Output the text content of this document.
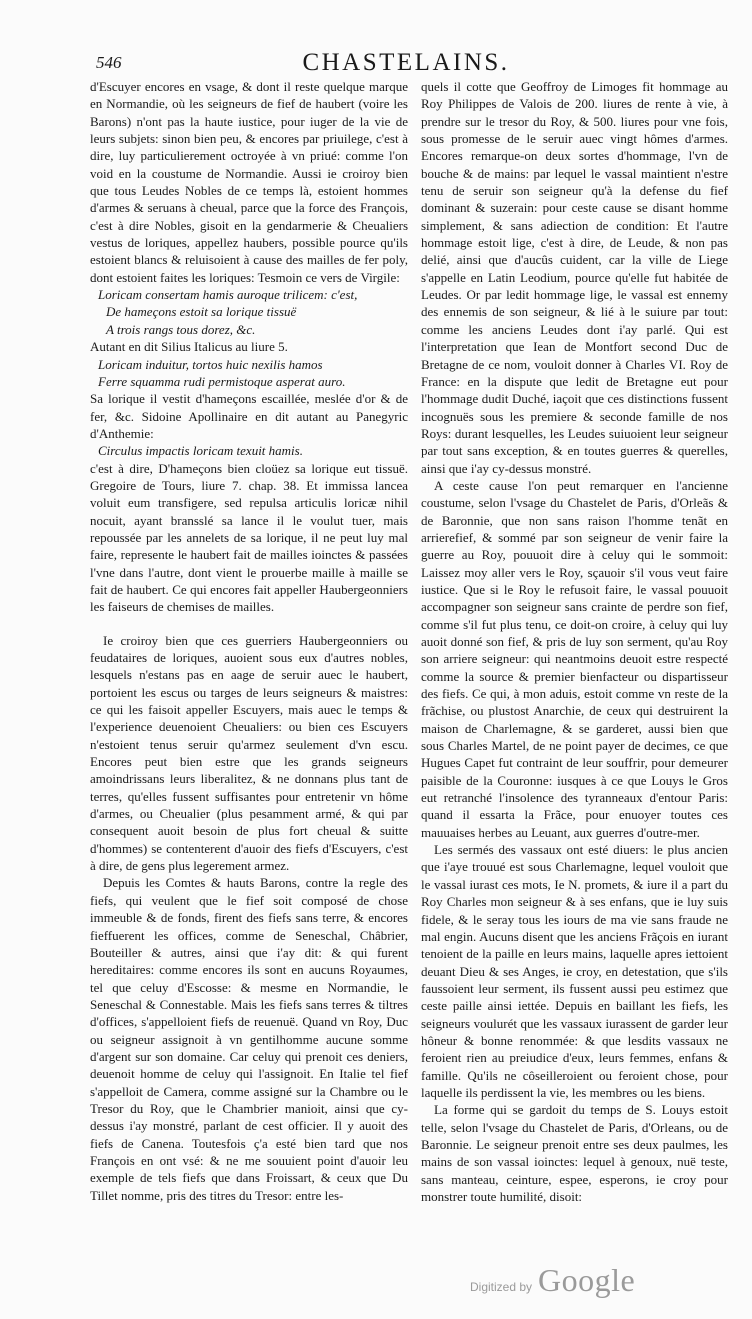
546	CHASTELAINS.

d'Escuyer encores en vsage, & dont il reste quelque marque en Normandie, où les seigneurs de fief de haubert (voire les Barons) n'ont pas la haute iustice, pour iuger de la vie de leurs subjets: sinon bien peu, & encores par priuilege, c'est à dire, luy particulierement octroyée à vn priué: comme l'on void en la coustume de Normandie. Aussi ie croiroy bien que tous Leudes Nobles de ce temps là, estoient hommes d'armes & seruans à cheual, parce que la force des François, c'est à dire Nobles, gisoit en la gendarmerie & Cheualiers vestus de loriques, appellez haubers, possible pource qu'ils estoient blancs & reluisoient à cause des mailles de fer poly, dont estoient faites les loriques: Tesmoin ce vers de Virgile:

Loricam consertam hamis auroque trilicem: c'est,

De hameçons estoit sa lorique tissuë

A trois rangs tous dorez, &c.

Autant en dit Silius Italicus au liure 5.

Loricam induitur, tortos huic nexilis hamos

Ferre squamma rudi permistoque asperat auro.

Sa lorique il vestit d'hameçons escaillée, meslée d'or & de fer, &c. Sidoine Apollinaire en dit autant au Panegyric d'Anthemie:

Circulus impactis loricam texuit hamis.

c'est à dire, D'hameçons bien cloüez sa lorique eut tissuë. Gregoire de Tours, liure 7. chap. 38. Et immissa lancea voluit eum transfigere, sed repulsa articulis loricæ nihil nocuit, ayant bransslé sa lance il le voulut tuer, mais repoussée par les annelets de sa lorique, il ne peut luy mal faire, represente le haubert fait de mailles ioinctes & passées l'vne dans l'autre, dont vient le prouerbe maille à maille se fait de haubert. Ce qui encores fait appeller Haubergeonniers les faiseurs de chemises de mailles.

Ie croiroy bien que ces guerriers Haubergeonniers ou feudataires de loriques, auoient sous eux d'autres nobles, lesquels n'estans pas en aage de seruir auec le haubert, portoient les escus ou targes de leurs seigneurs & maistres: ce qui les faisoit appeller Escuyers, mais auec le temps & l'experience deuenoient Cheualiers: ou bien ces Escuyers n'estoient tenus seruir qu'armez seulement d'vn escu. Encores peut bien estre que les grands seigneurs amoindrissans leurs liberalitez, & ne donnans plus tant de terres, qu'elles fussent suffisantes pour entretenir vn hôme d'armes, ou Cheualier (plus pesamment armé, & qui par consequent auoit besoin de plus fort cheual & suitte d'hommes) se contenterent d'auoir des fiefs d'Escuyers, c'est à dire, de gens plus legerement armez.

Depuis les Comtes & hauts Barons, contre la regle des fiefs, qui veulent que le fief soit composé de chose immeuble & de fonds, firent des fiefs sans terre, & encores fieffuerent les offices, comme de Seneschal, Châbrier, Bouteiller & autres, ainsi que i'ay dit: & qui furent hereditaires: comme encores ils sont en aucuns Royaumes, tel que celuy d'Escosse: & mesme en Normandie, le Seneschal & Connestable. Mais les fiefs sans terres & tiltres d'offices, s'appelloient fiefs de reuenuë. Quand vn Roy, Duc ou seigneur assignoit à vn gentilhomme aucune somme d'argent sur son domaine. Car celuy qui prenoit ces deniers, deuenoit homme de celuy qui l'assignoit. En Italie tel fief s'appelloit de Camera, comme assigné sur la Chambre ou le Tresor du Roy, que le Chambrier manioit, ainsi que cy-dessus i'ay monstré, parlant de cest officier. Il y auoit des fiefs de Canena. Toutesfois ç'a esté bien tard que nos François en ont vsé: & ne me souuient point d'auoir leu exemple de tels fiefs que dans Froissart, & ceux que Du Tillet nomme, pris des titres du Tresor: entre les-

quels il cotte que Geoffroy de Limoges fit hommage au Roy Philippes de Valois de 200. liures de rente à vie, à prendre sur le tresor du Roy, & 500. liures pour vne fois, sous promesse de le seruir auec vingt hômes d'armes. Encores remarque-on deux sortes d'hommage, l'vn de bouche & de mains: par lequel le vassal maintient n'estre tenu de seruir son seigneur qu'à la defense du fief dominant & suzerain: pour ceste cause se disant homme simplement, & sans adiection de condition: Et l'autre hommage estoit lige, c'est à dire, de Leude, & non pas delié, ainsi que d'aucûs cuident, car la ville de Liege s'appelle en Latin Leodium, pource qu'elle fut habitée de Leudes. Or par ledit hommage lige, le vassal est ennemy des ennemis de son seigneur, & lié à le suiure par tout: comme les anciens Leudes dont i'ay parlé. Qui est l'interpretation que Iean de Montfort second Duc de Bretagne de ce nom, vouloit donner à Charles VI. Roy de France: en la dispute que ledit de Bretagne eut pour l'hommage dudit Duché, iaçoit que ces distinctions fussent incognuës sous les premiere & seconde famille de nos Roys: durant lesquelles, les Leudes suiuoient leur seigneur par tout sans exception, & en toutes guerres & querelles, ainsi que i'ay cy-dessus monstré.

A ceste cause l'on peut remarquer en l'ancienne coustume, selon l'vsage du Chastelet de Paris, d'Orleãs & de Baronnie, que non sans raison l'homme tenãt en arrierefief, & sommé par son seigneur de venir faire la guerre au Roy, pouuoit dire à celuy qui le sommoit: Laissez moy aller vers le Roy, sçauoir s'il vous veut faire iustice. Que si le Roy le refusoit faire, le vassal pouuoit accompagner son seigneur sans crainte de perdre son fief, comme s'il fut plus tenu, ce doit-on croire, à celuy qui luy auoit donné son fief, & pris de luy son serment, qu'au Roy son arriere seigneur: qui neantmoins deuoit estre respecté comme la source & premier bienfacteur ou dispartisseur des fiefs. Ce qui, à mon aduis, estoit comme vn reste de la frãchise, ou plustost Anarchie, de ceux qui destruirent la maison de Charlemagne, & se garderet, aussi bien que sous Charles Martel, de ne point payer de decimes, ce que Hugues Capet fut contraint de leur souffrir, pour demeurer paisible de la Couronne: iusques à ce que Louys le Gros eut retranché l'insolence des tyranneaux d'entour Paris: quand il essarta la Frãce, pour enuoyer toutes ces mauuaises herbes au Leuant, aux guerres d'outre-mer.

Les sermés des vassaux ont esté diuers: le plus ancien que i'aye trouué est sous Charlemagne, lequel vouloit que le vassal iurast ces mots, Ie N. promets, & iure il a part du Roy Charles mon seigneur & à ses enfans, que ie luy suis fidele, & le seray tous les iours de ma vie sans fraude ne mal engin. Aucuns disent que les anciens Frãçois en iurant tenoient de la paille en leurs mains, laquelle apres iettoient deuant Dieu & ses Anges, ie croy, en detestation, que s'ils faussoient leur serment, ils fussent aussi peu estimez que ceste paille ainsi iettée. Depuis en baillant les fiefs, les seigneurs voulurét que les vassaux iurassent de garder leur hôneur & bonne renommée: & que lesdits vassaux ne feroient rien au preiudice d'eux, leurs femmes, enfans & famille. Qu'ils ne côseilleroient ou feroient chose, pour laquelle ils perdissent la vie, les membres ou les biens.

La forme qui se gardoit du temps de S. Louys estoit telle, selon l'vsage du Chastelet de Paris, d'Orleans, ou de Baronnie. Le seigneur prenoit entre ses deux paulmes, les mains de son vassal ioinctes: lequel à genoux, nuë teste, sans manteau, ceinture, espee, esperons, ie croy pour monstrer toute humilité, disoit:

Digitized by Google
